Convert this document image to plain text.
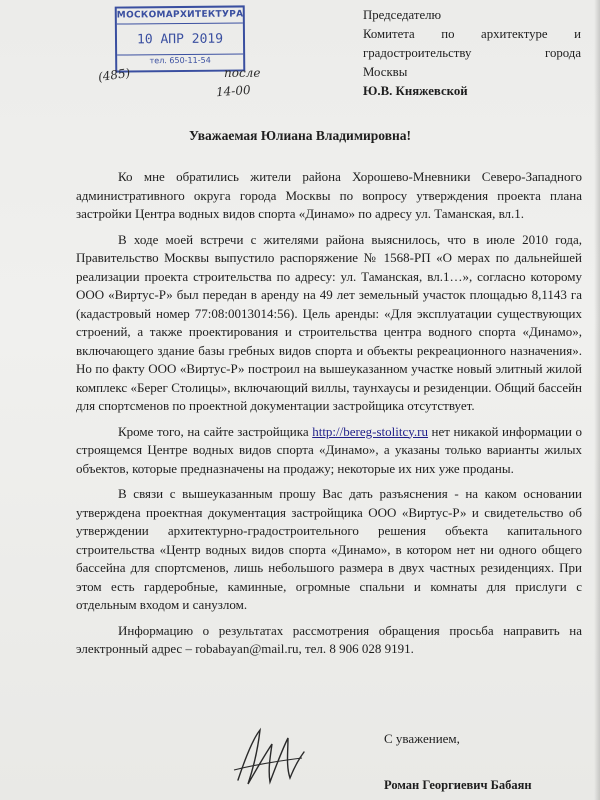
МОСКОМАРХИТЕКТУРА
10 АПР 2019
тел. 650-11-54
(485)	после
14-00
Председателю
Комитета по архитектуре и
градостроительству города
Москвы
Ю.В. Княжевской
Уважаемая Юлиана Владимировна!

Ко мне обратились жители района Хорошево-Мневники Северо-Западного административного округа города Москвы по вопросу утверждения проекта плана застройки Центра водных видов спорта «Динамо» по адресу ул. Таманская, вл.1.

В ходе моей встречи с жителями района выяснилось, что в июле 2010 года, Правительство Москвы выпустило распоряжение № 1568-РП «О мерах по дальнейшей реализации проекта строительства по адресу: ул. Таманская, вл.1…», согласно которому ООО «Виртус-Р» был передан в аренду на 49 лет земельный участок площадью 8,1143 га (кадастровый номер 77:08:0013014:56). Цель аренды: «Для эксплуатации существующих строений, а также проектирования и строительства центра водного спорта «Динамо», включающего здание базы гребных видов спорта и объекты рекреационного назначения». Но по факту ООО «Виртус-Р» построил на вышеуказанном участке новый элитный жилой комплекс «Берег Столицы», включающий виллы, таунхаусы и резиденции. Общий бассейн для спортсменов по проектной документации застройщика отсутствует.

Кроме того, на сайте застройщика http://bereg-stolitcy.ru нет никакой информации о строящемся Центре водных видов спорта «Динамо», а указаны только варианты жилых объектов, которые предназначены на продажу; некоторые их них уже проданы.

В связи с вышеуказанным прошу Вас дать разъяснения - на каком основании утверждена проектная документация застройщика ООО «Виртус-Р» и свидетельство об утверждении архитектурно-градостроительного решения объекта капитального строительства «Центр водных видов спорта «Динамо», в котором нет ни одного общего бассейна для спортсменов, лишь небольшого размера в двух частных резиденциях. При этом есть гардеробные, каминные, огромные спальни и комнаты для прислуги с отдельным входом и санузлом.

Информацию о результатах рассмотрения обращения просьба направить на электронный адрес – robabayan@mail.ru, тел. 8 906 028 9191.

С уважением,
Роман Георгиевич Бабаян
